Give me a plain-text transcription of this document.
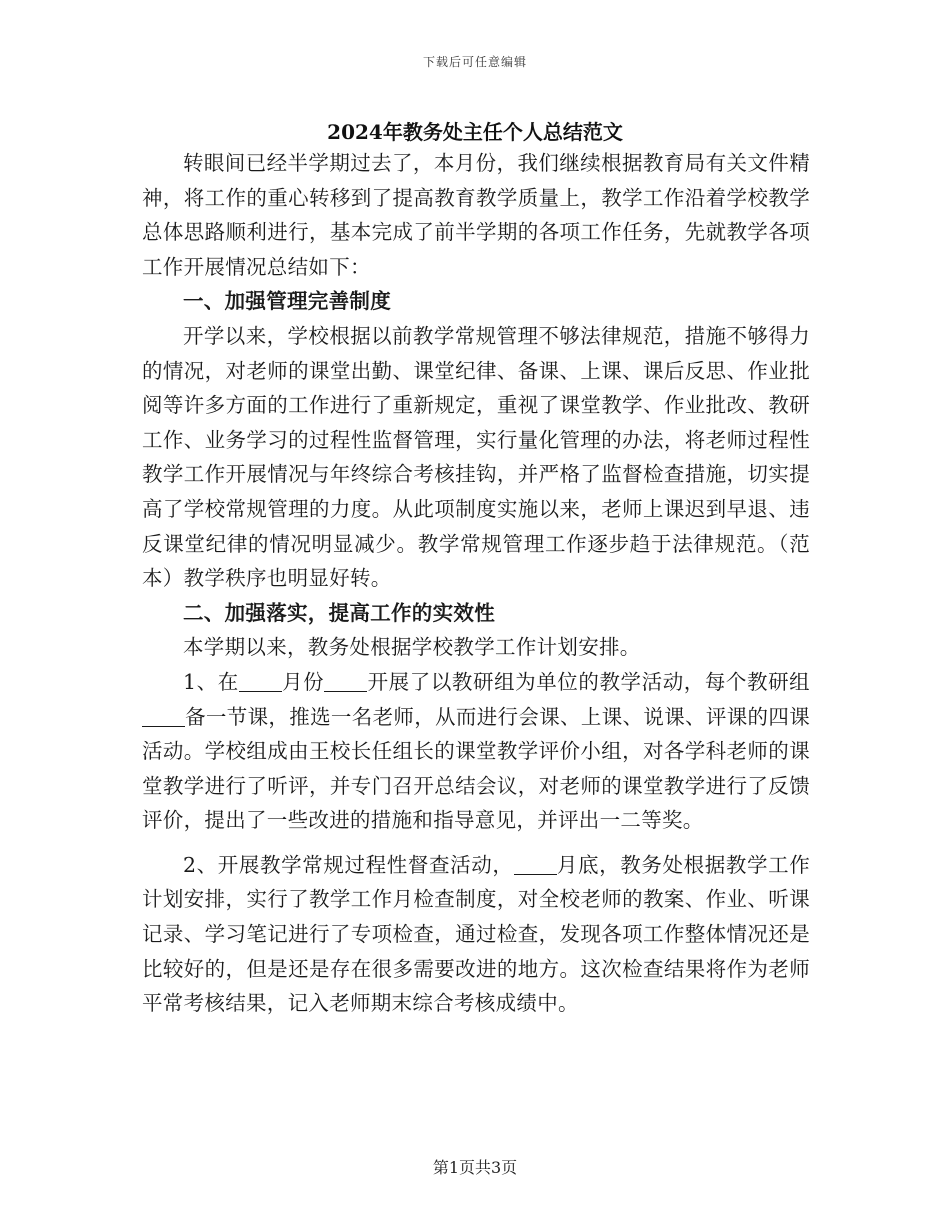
下载后可任意编辑
2024年教务处主任个人总结范文

转眼间已经半学期过去了，本月份，我们继续根据教育局有关文件精神，将工作的重心转移到了提高教育教学质量上，教学工作沿着学校教学总体思路顺利进行，基本完成了前半学期的各项工作任务，先就教学各项工作开展情况总结如下：

一、加强管理完善制度

开学以来，学校根据以前教学常规管理不够法律规范，措施不够得力的情况，对老师的课堂出勤、课堂纪律、备课、上课、课后反思、作业批阅等许多方面的工作进行了重新规定，重视了课堂教学、作业批改、教研工作、业务学习的过程性监督管理，实行量化管理的办法，将老师过程性教学工作开展情况与年终综合考核挂钩，并严格了监督检查措施，切实提高了学校常规管理的力度。从此项制度实施以来，老师上课迟到早退、违反课堂纪律的情况明显减少。教学常规管理工作逐步趋于法律规范。（范本）教学秩序也明显好转。

二、加强落实，提高工作的实效性

本学期以来，教务处根据学校教学工作计划安排。

1、在 月份 开展了以教研组为单位的教学活动，每个教研组备一节课，推选一名老师，从而进行会课、上课、说课、评课的四课活动。学校组成由王校长任组长的课堂教学评价小组，对各学科老师的课堂教学进行了听评，并专门召开总结会议，对老师的课堂教学进行了反馈评价，提出了一些改进的措施和指导意见，并评出一二等奖。

2、开展教学常规过程性督查活动， 月底，教务处根据教学工作计划安排，实行了教学工作月检查制度，对全校老师的教案、作业、听课记录、学习笔记进行了专项检查，通过检查，发现各项工作整体情况还是比较好的，但是还是存在很多需要改进的地方。这次检查结果将作为老师平常考核结果，记入老师期末综合考核成绩中。

第1页共3页
